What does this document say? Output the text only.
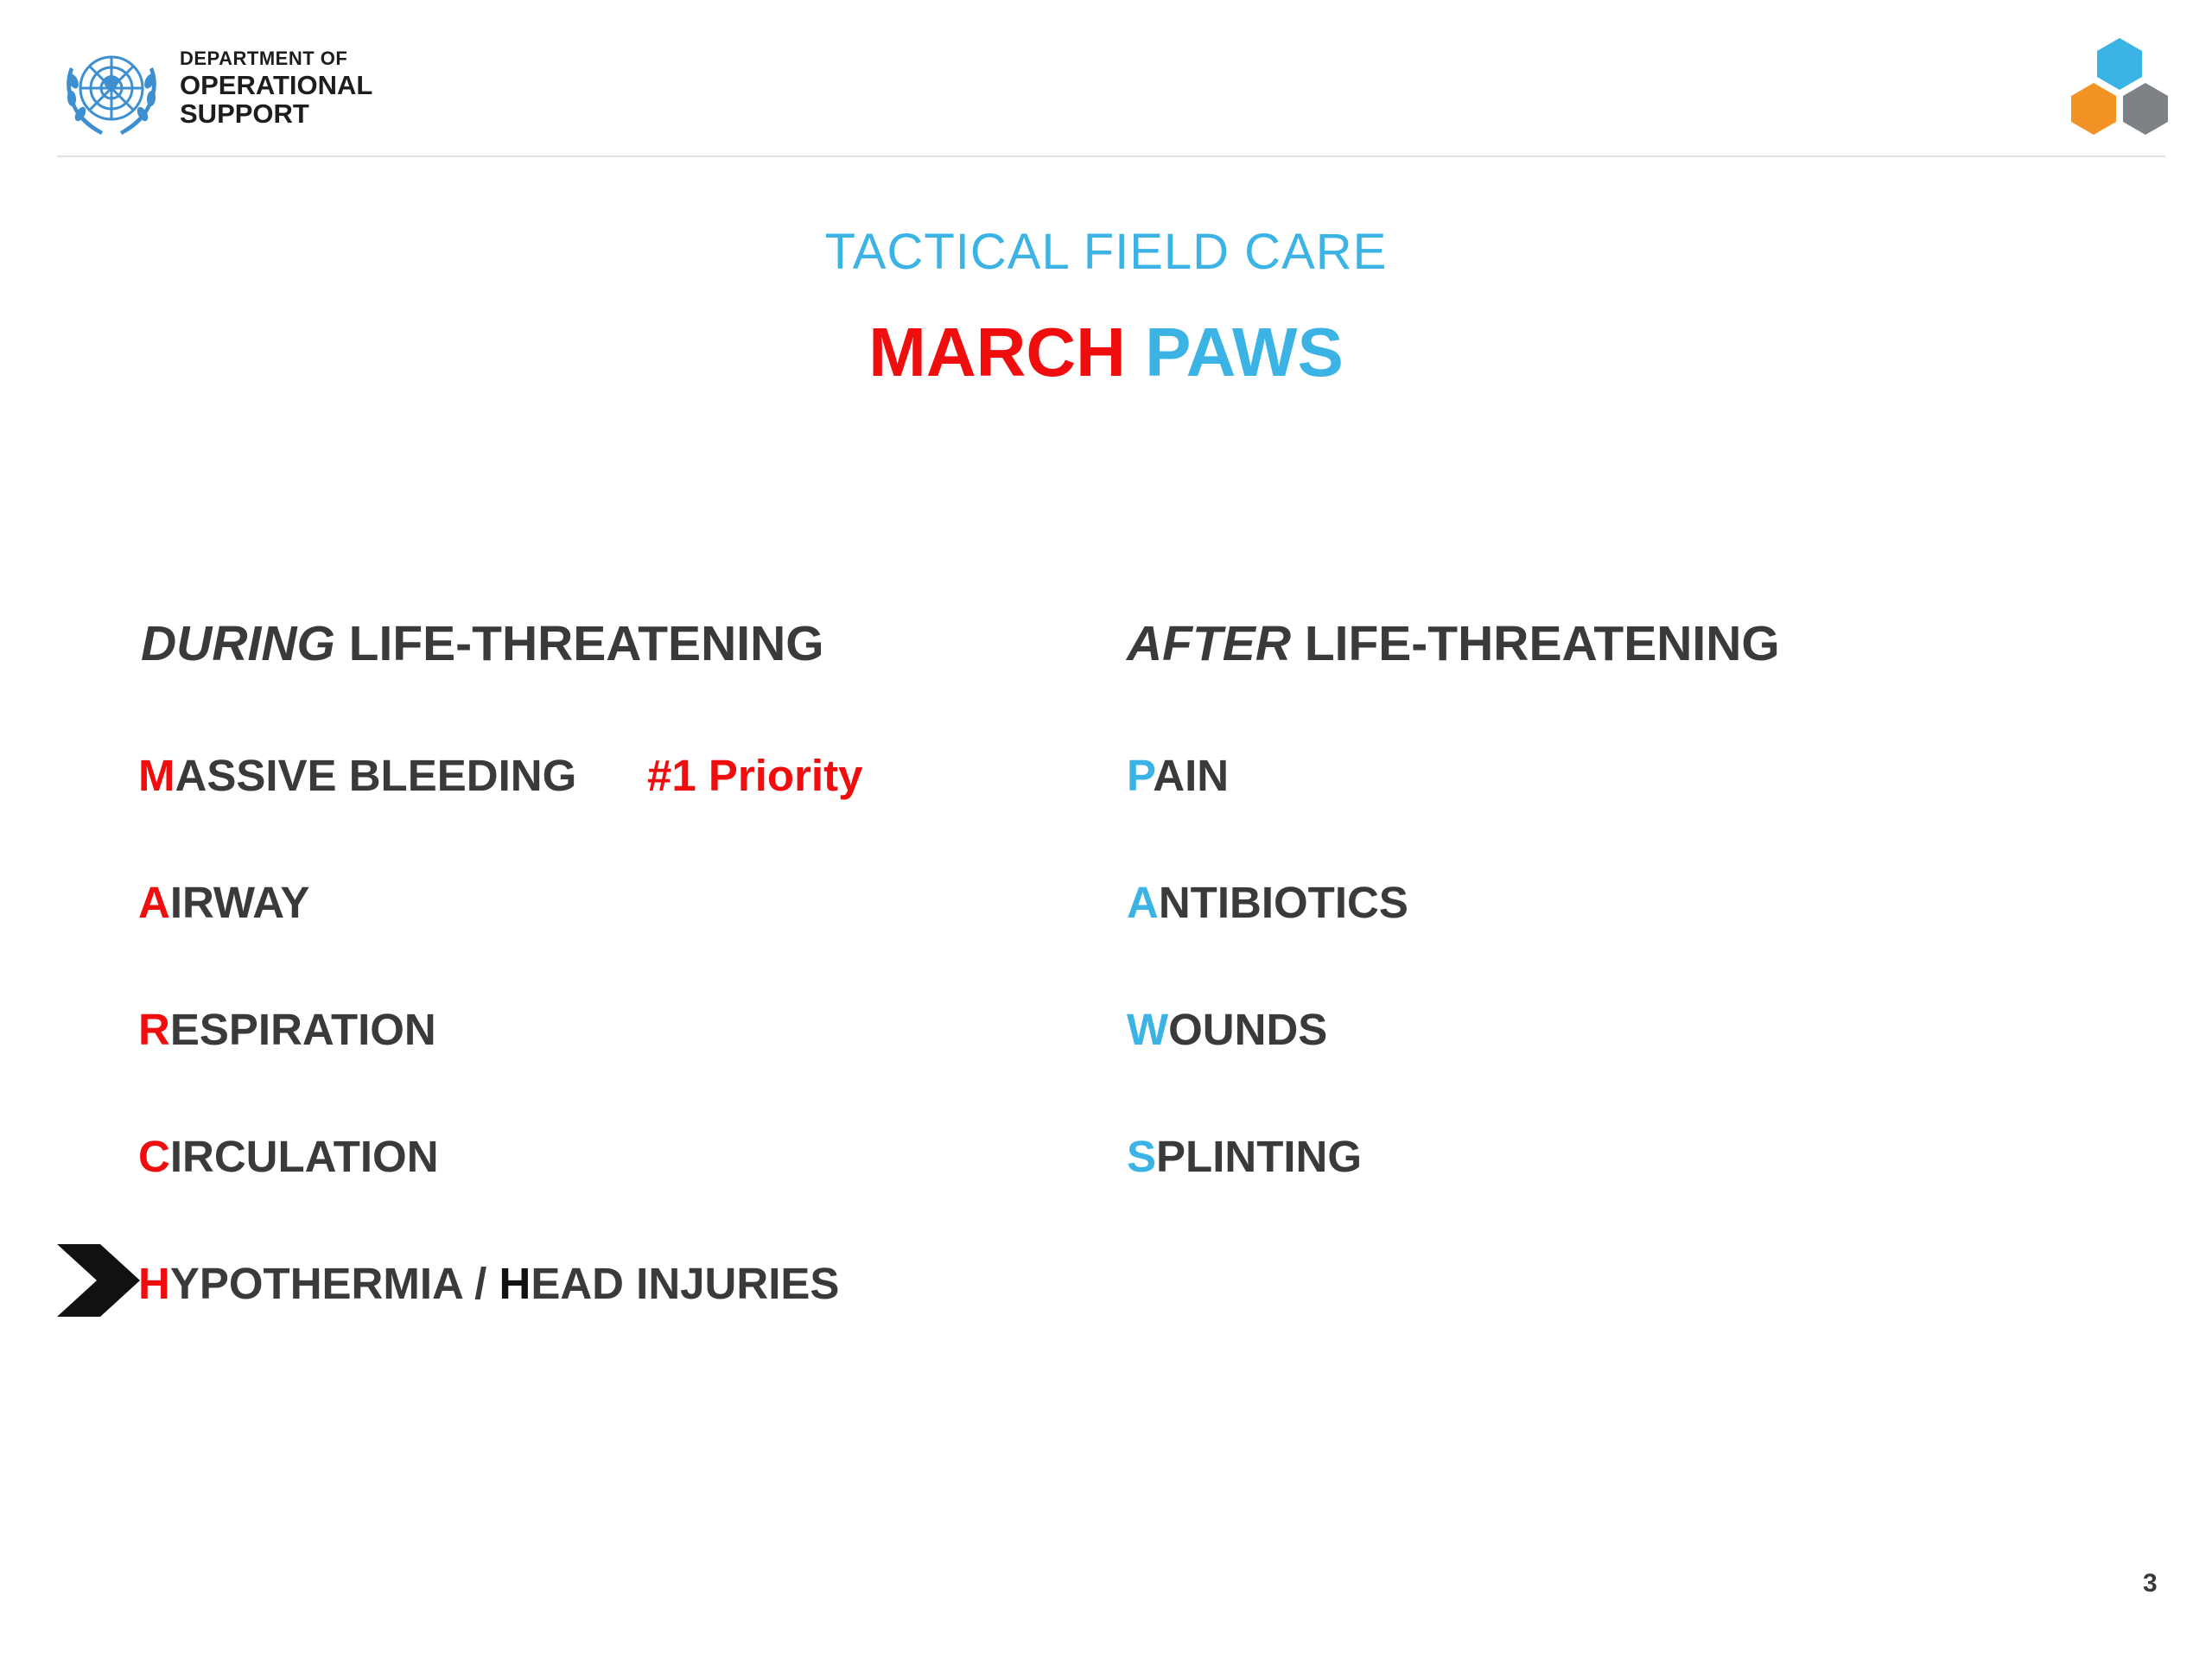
DEPARTMENT OF
OPERATIONAL
SUPPORT
TACTICAL FIELD CARE
MARCH PAWS
DURING LIFE-THREATENING	AFTER LIFE-THREATENING
MASSIVE BLEEDING #1 Priority
AIRWAY
RESPIRATION
CIRCULATION
HYPOTHERMIA / HEAD INJURIES
PAIN
ANTIBIOTICS
WOUNDS
SPLINTING
3
